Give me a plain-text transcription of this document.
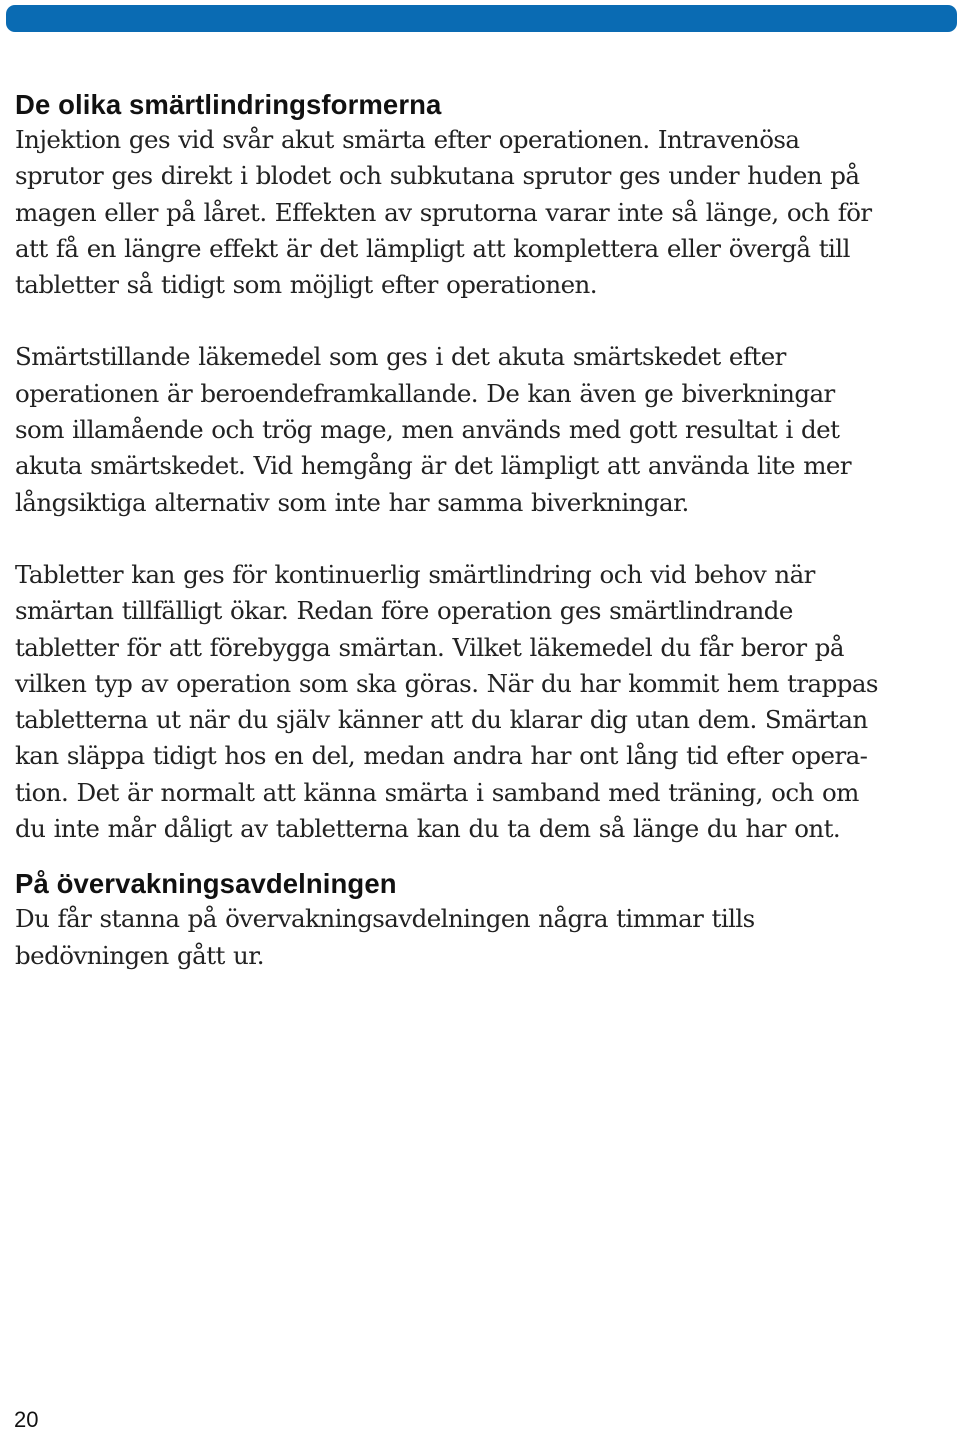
De olika smärtlindringsformerna

Injektion ges vid svår akut smärta efter operationen. Intravenösa
sprutor ges direkt i blodet och subkutana sprutor ges under huden på
magen eller på låret. Effekten av sprutorna varar inte så länge, och för
att få en längre effekt är det lämpligt att komplettera eller övergå till
tabletter så tidigt som möjligt efter operationen.

Smärtstillande läkemedel som ges i det akuta smärtskedet efter
operationen är beroendeframkallande. De kan även ge biverkningar
som illamående och trög mage, men används med gott resultat i det
akuta smärtskedet. Vid hemgång är det lämpligt att använda lite mer
långsiktiga alternativ som inte har samma biverkningar.

Tabletter kan ges för kontinuerlig smärtlindring och vid behov när
smärtan tillfälligt ökar. Redan före operation ges smärtlindrande
tabletter för att förebygga smärtan. Vilket läkemedel du får beror på
vilken typ av operation som ska göras. När du har kommit hem trappas
tabletterna ut när du själv känner att du klarar dig utan dem. Smärtan
kan släppa tidigt hos en del, medan andra har ont lång tid efter opera-
tion. Det är normalt att känna smärta i samband med träning, och om
du inte mår dåligt av tabletterna kan du ta dem så länge du har ont.

På övervakningsavdelningen

Du får stanna på övervakningsavdelningen några timmar tills
bedövningen gått ur.

20
